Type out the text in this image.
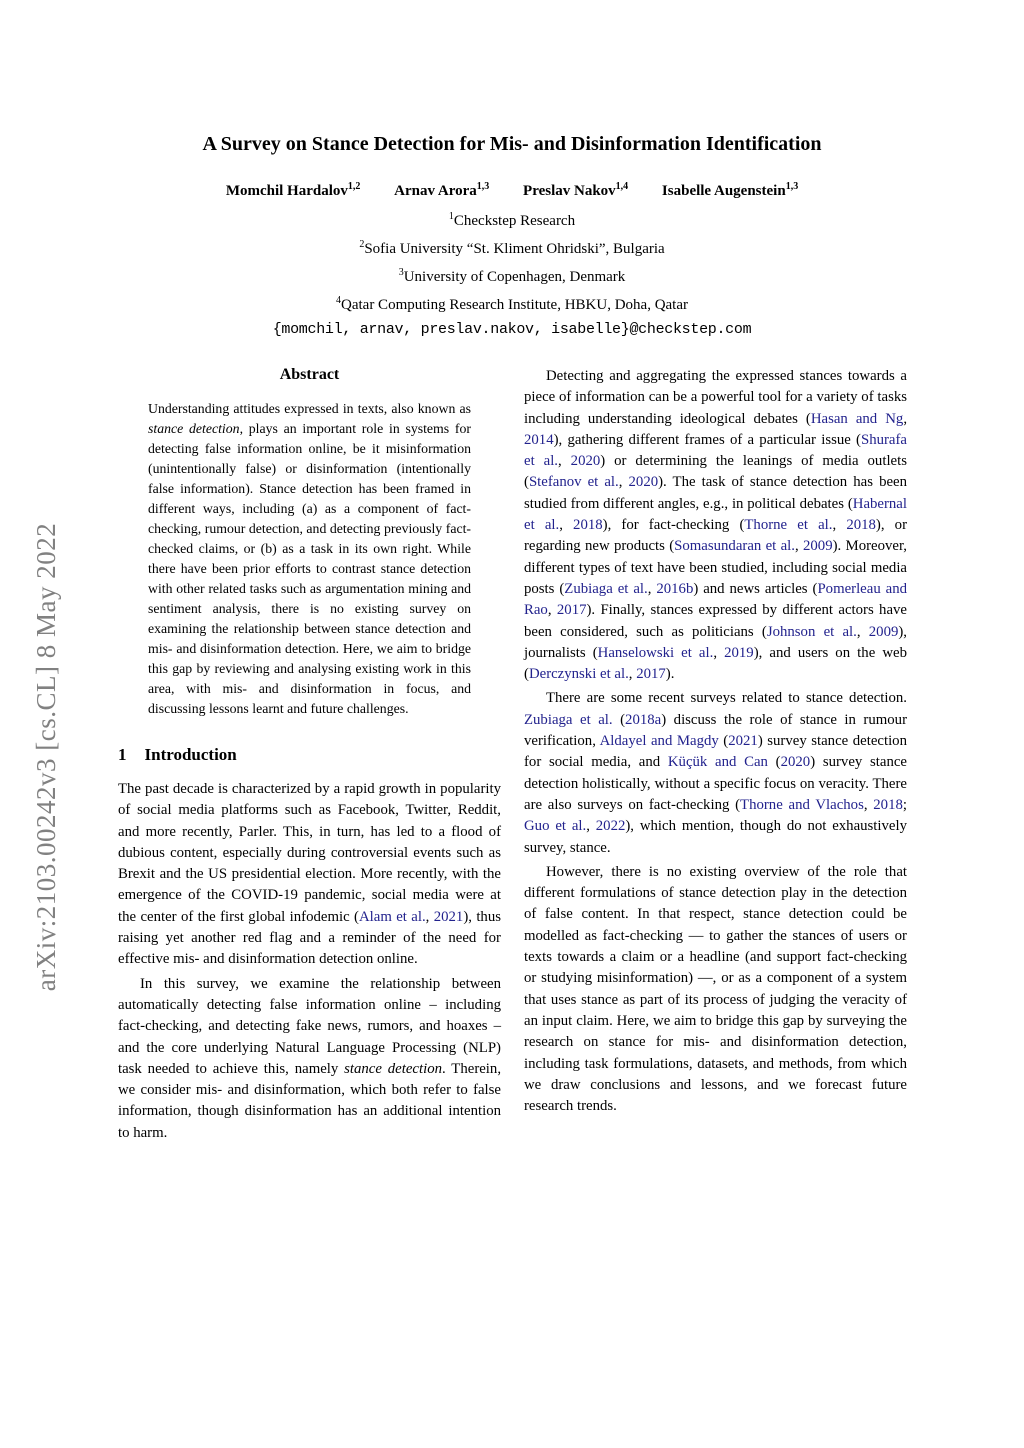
arXiv:2103.00242v3 [cs.CL] 8 May 2022
A Survey on Stance Detection for Mis- and Disinformation Identification
Momchil Hardalov$^{1,2}$ Arnav Arora$^{1,3}$ Preslav Nakov$^{1,4}$ Isabelle Augenstein$^{1,3}$
$^1$Checkstep Research
$^2$Sofia University “St. Kliment Ohridski”, Bulgaria
$^3$University of Copenhagen, Denmark
$^4$Qatar Computing Research Institute, HBKU, Doha, Qatar
{momchil, arnav, preslav.nakov, isabelle}@checkstep.com
Abstract
Understanding attitudes expressed in texts, also known as stance detection, plays an important role in systems for detecting false information online, be it misinformation (unintentionally false) or disinformation (intentionally false information). Stance detection has been framed in different ways, including (a) as a component of fact-checking, rumour detection, and detecting previously fact-checked claims, or (b) as a task in its own right. While there have been prior efforts to contrast stance detection with other related tasks such as argumentation mining and sentiment analysis, there is no existing survey on examining the relationship between stance detection and mis- and disinformation detection. Here, we aim to bridge this gap by reviewing and analysing existing work in this area, with mis- and disinformation in focus, and discussing lessons learnt and future challenges.
1 Introduction

The past decade is characterized by a rapid growth in popularity of social media platforms such as Facebook, Twitter, Reddit, and more recently, Parler. This, in turn, has led to a flood of dubious content, especially during controversial events such as Brexit and the US presidential election. More recently, with the emergence of the COVID-19 pandemic, social media were at the center of the first global infodemic (Alam et al., 2021), thus raising yet another red flag and a reminder of the need for effective mis- and disinformation detection online.

In this survey, we examine the relationship between automatically detecting false information online – including fact-checking, and detecting fake news, rumors, and hoaxes – and the core underlying Natural Language Processing (NLP) task needed to achieve this, namely stance detection. Therein, we consider mis- and disinformation, which both refer to false information, though disinformation has an additional intention to harm.

Detecting and aggregating the expressed stances towards a piece of information can be a powerful tool for a variety of tasks including understanding ideological debates (Hasan and Ng, 2014), gathering different frames of a particular issue (Shurafa et al., 2020) or determining the leanings of media outlets (Stefanov et al., 2020). The task of stance detection has been studied from different angles, e.g., in political debates (Habernal et al., 2018), for fact-checking (Thorne et al., 2018), or regarding new products (Somasundaran et al., 2009). Moreover, different types of text have been studied, including social media posts (Zubiaga et al., 2016b) and news articles (Pomerleau and Rao, 2017). Finally, stances expressed by different actors have been considered, such as politicians (Johnson et al., 2009), journalists (Hanselowski et al., 2019), and users on the web (Derczynski et al., 2017).

There are some recent surveys related to stance detection. Zubiaga et al. (2018a) discuss the role of stance in rumour verification, Aldayel and Magdy (2021) survey stance detection for social media, and Küçük and Can (2020) survey stance detection holistically, without a specific focus on veracity. There are also surveys on fact-checking (Thorne and Vlachos, 2018; Guo et al., 2022), which mention, though do not exhaustively survey, stance.

However, there is no existing overview of the role that different formulations of stance detection play in the detection of false content. In that respect, stance detection could be modelled as fact-checking — to gather the stances of users or texts towards a claim or a headline (and support fact-checking or studying misinformation) —, or as a component of a system that uses stance as part of its process of judging the veracity of an input claim. Here, we aim to bridge this gap by surveying the research on stance for mis- and disinformation detection, including task formulations, datasets, and methods, from which we draw conclusions and lessons, and we forecast future research trends.
